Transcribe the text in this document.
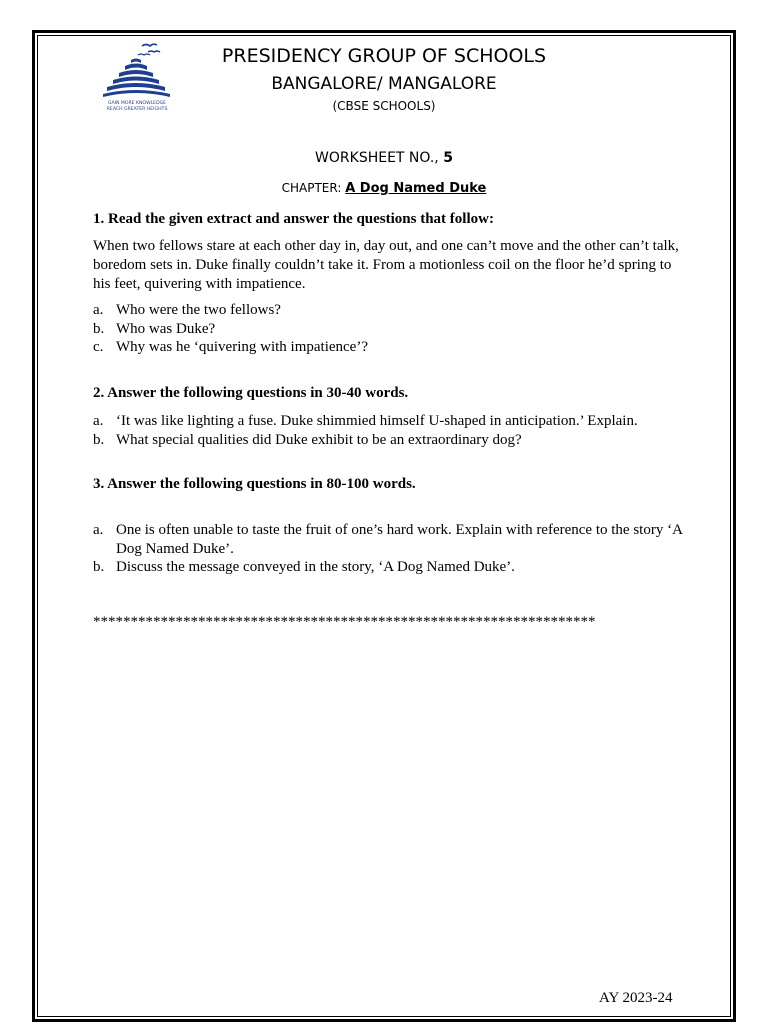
GAIN MORE KNOWLEDGE
REACH GREATER HEIGHTS
PRESIDENCY GROUP OF SCHOOLS
BANGALORE/ MANGALORE
(CBSE SCHOOLS)
WORKSHEET NO., 5
CHAPTER: A Dog Named Duke
1. Read the given extract and answer the questions that follow:
When two fellows stare at each other day in, day out, and one can’t move and the other can’t talk, boredom sets in. Duke finally couldn’t take it. From a motionless coil on the floor he’d spring to his feet, quivering with impatience.
a. Who were the two fellows?
b. Who was Duke?
c. Why was he ‘quivering with impatience’?
2. Answer the following questions in 30-40 words.
a. ‘It was like lighting a fuse. Duke shimmied himself U-shaped in anticipation.’ Explain.
b. What special qualities did Duke exhibit to be an extraordinary dog?
3. Answer the following questions in 80-100 words.
a. One is often unable to taste the fruit of one’s hard work. Explain with reference to the story ‘A Dog Named Duke’.
b. Discuss the message conveyed in the story, ‘A Dog Named Duke’.
*******************************************************************
AY 2023-24
